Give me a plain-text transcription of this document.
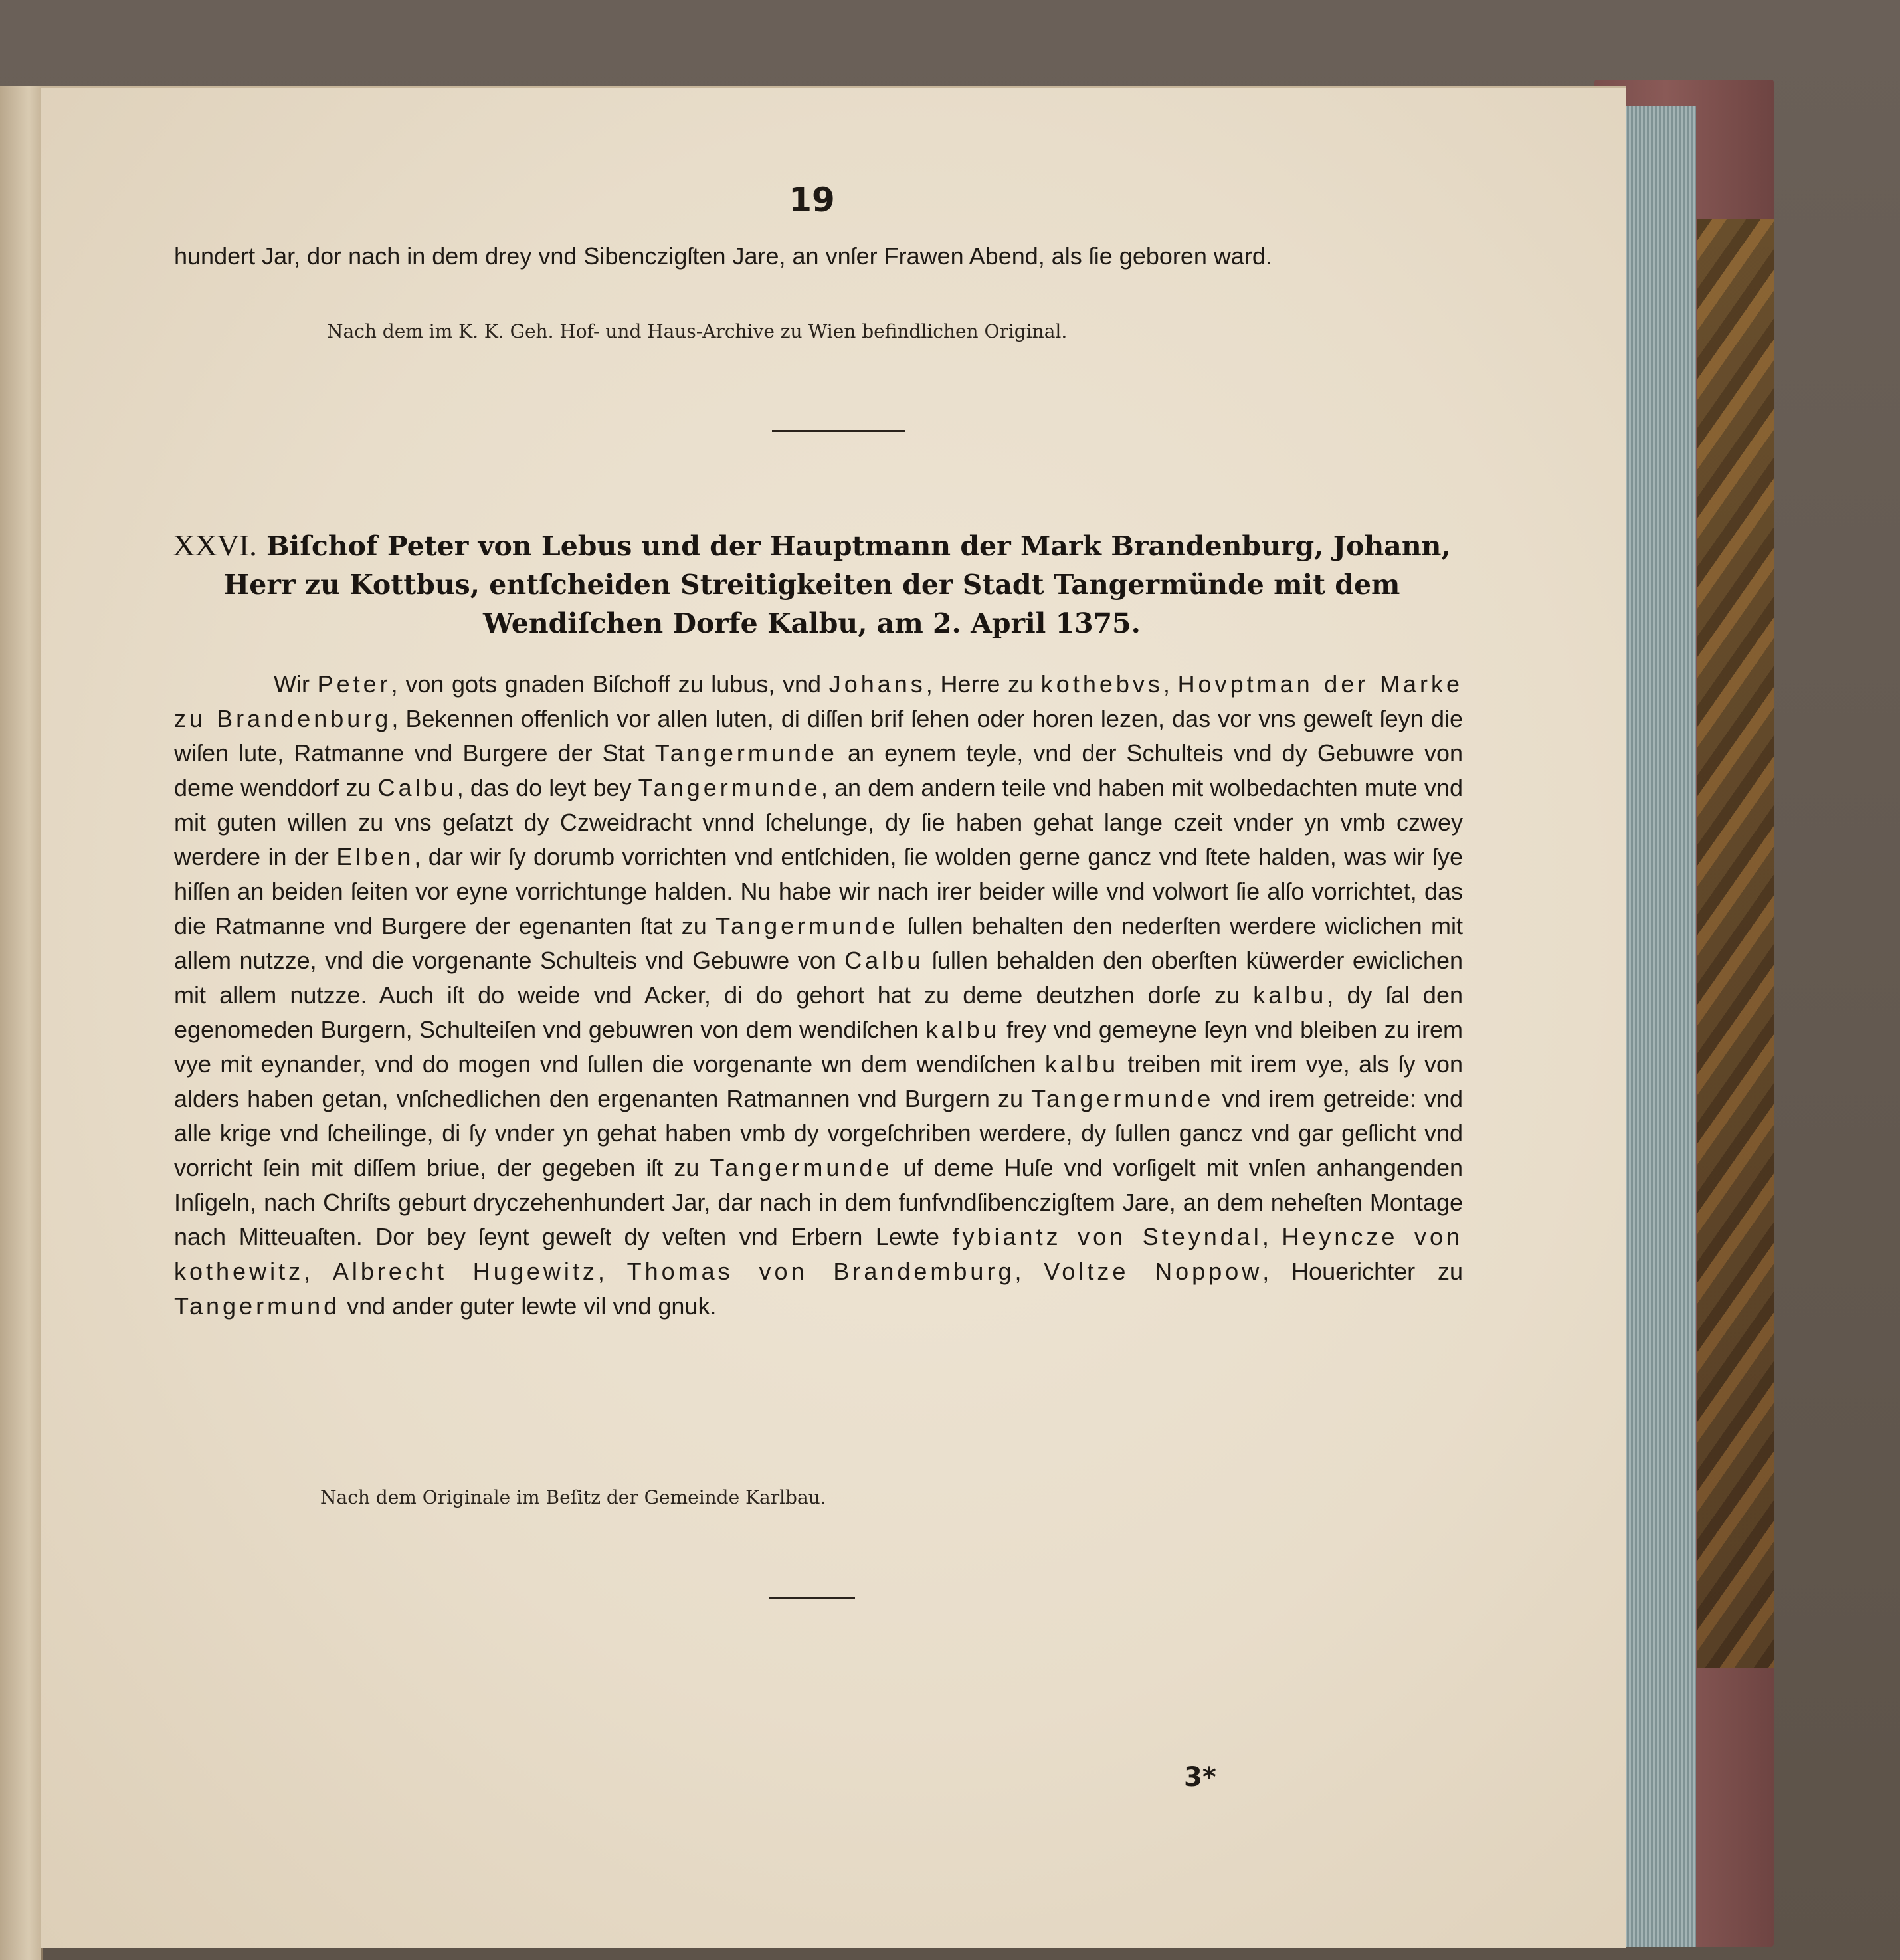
19

hundert Jar, dor nach in dem drey vnd Sibenczigſten Jare, an vnſer Frawen Abend, als ſie geboren ward.

Nach dem im K. K. Geh. Hof- und Haus-Archive zu Wien befindlichen Original.
XXVI. Biſchof Peter von Lebus und der Hauptmann der Mark Brandenburg, Johann, Herr zu Kottbus, entſcheiden Streitigkeiten der Stadt Tangermünde mit dem Wendiſchen Dorfe Kalbu, am 2. April 1375.

Wir Peter, von gots gnaden Biſchoff zu lubus, vnd Johans, Herre zu kothebvs, Hovptman der Marke zu Brandenburg, Bekennen offenlich vor allen luten, di diſſen brif ſehen oder horen lezen, das vor vns geweſt ſeyn die wiſen lute, Ratmanne vnd Burgere der Stat Tangermunde an eynem teyle, vnd der Schulteis vnd dy Gebuwre von deme wenddorf zu Calbu, das do leyt bey Tangermunde, an dem andern teile vnd haben mit wolbedachten mute vnd mit guten willen zu vns geſatzt dy Czweidracht vnnd ſchelunge, dy ſie haben gehat lange czeit vnder yn vmb czwey werdere in der Elben, dar wir ſy dorumb vorrichten vnd entſchiden, ſie wolden gerne gancz vnd ſtete halden, was wir ſye hiſſen an beiden ſeiten vor eyne vorrichtunge halden. Nu habe wir nach irer beider wille vnd volwort ſie alſo vorrichtet, das die Ratmanne vnd Burgere der egenanten ſtat zu Tangermunde ſullen behalten den nederſten werdere wiclichen mit allem nutzze, vnd die vorgenante Schulteis vnd Gebuwre von Calbu ſullen behalden den oberſten küwerder ewiclichen mit allem nutzze. Auch iſt do weide vnd Acker, di do gehort hat zu deme deutzhen dorſe zu kalbu, dy ſal den egenomeden Burgern, Schulteiſen vnd gebuwren von dem wendiſchen kalbu frey vnd gemeyne ſeyn vnd bleiben zu irem vye mit eynander, vnd do mogen vnd ſullen die vorgenante wn dem wendiſchen kalbu treiben mit irem vye, als ſy von alders haben getan, vnſchedlichen den ergenanten Ratmannen vnd Burgern zu Tangermunde vnd irem getreide: vnd alle krige vnd ſcheilinge, di ſy vnder yn gehat haben vmb dy vorgeſchriben werdere, dy ſullen gancz vnd gar geſlicht vnd vorricht ſein mit diſſem briue, der gegeben iſt zu Tangermunde uf deme Huſe vnd vorſigelt mit vnſen anhangenden Inſigeln, nach Chriſts geburt dryczehenhundert Jar, dar nach in dem funfvndſibenczigſtem Jare, an dem neheſten Montage nach Mitteuaſten. Dor bey ſeynt geweſt dy veſten vnd Erbern Lewte fybiantz von Steyndal, Heyncze von kothewitz, Albrecht Hugewitz, Thomas von Brandemburg, Voltze Noppow, Houerichter zu Tangermund vnd ander guter lewte vil vnd gnuk.

Nach dem Originale im Beſitz der Gemeinde Karlbau.
3*
